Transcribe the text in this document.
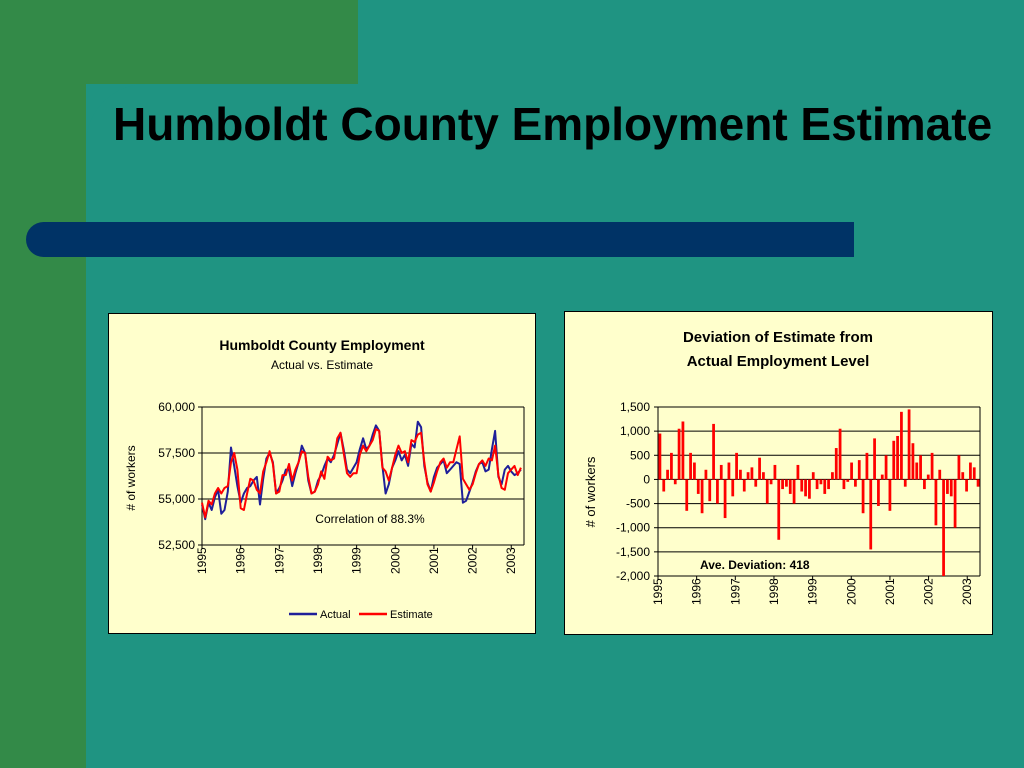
Humboldt County Employment Estimate
Humboldt County Employment
Actual vs. Estimate
# of workers
Correlation of 88.3%
52,500
55,000
57,500
60,000
1995 1996 1997 1998 1999 2000 2001 2002 2003
Actual	Estimate
Deviation of Estimate from
Actual Employment Level
# of workers
-2,000
-1,500
-1,000
-500
0
500
1,000
1,500
1995 1996 1997 1998 1999 2000 2001 2002 2003
Ave. Deviation: 418
